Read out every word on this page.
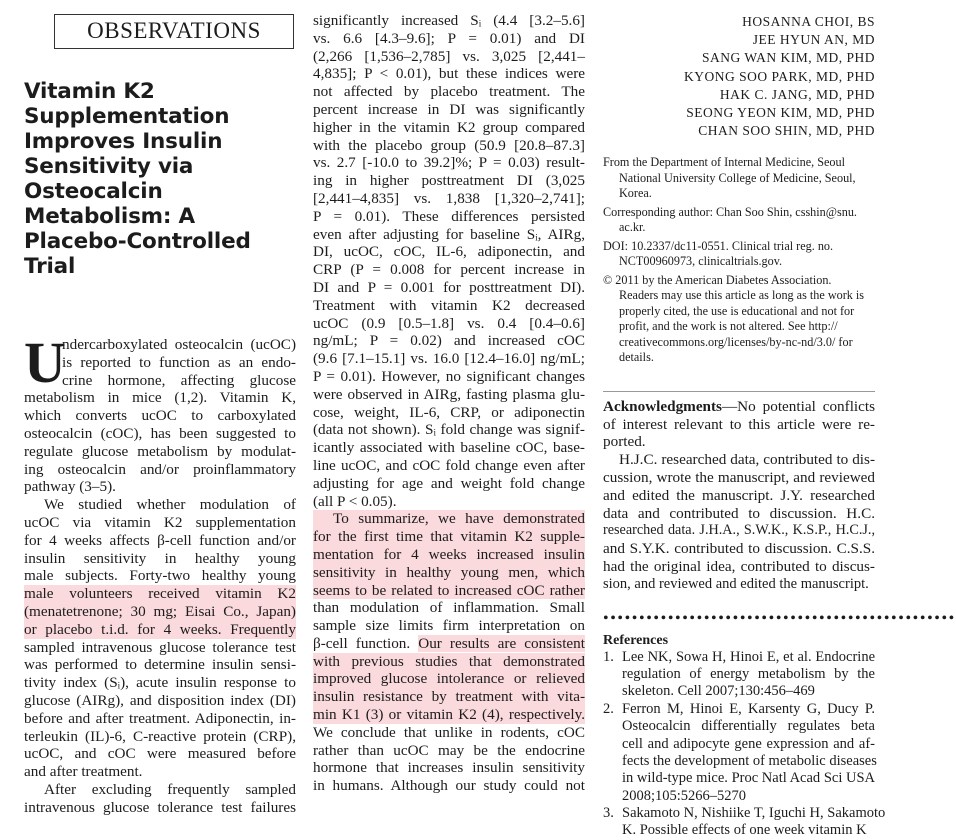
OBSERVATIONS
Vitamin K2
Supplementation
Improves Insulin
Sensitivity via
Osteocalcin
Metabolism: A
Placebo-Controlled
Trial
U
ndercarboxylated osteocalcin (ucOC)
is reported to function as an endo-
crine hormone, affecting glucose
metabolism in mice (1,2). Vitamin K,
which converts ucOC to carboxylated
osteocalcin (cOC), has been suggested to
regulate glucose metabolism by modulat-
ing osteocalcin and/or proinflammatory
pathway (3–5).
We studied whether modulation of
ucOC via vitamin K2 supplementation
for 4 weeks affects β-cell function and/or
insulin sensitivity in healthy young
male subjects. Forty-two healthy young
male volunteers received vitamin K2
(menatetrenone; 30 mg; Eisai Co., Japan)
or placebo t.i.d. for 4 weeks. Frequently
sampled intravenous glucose tolerance test
was performed to determine insulin sensi-
tivity index (Sᵢ), acute insulin response to
glucose (AIRg), and disposition index (DI)
before and after treatment. Adiponectin, in-
terleukin (IL)-6, C-reactive protein (CRP),
ucOC, and cOC were measured before
and after treatment.
After excluding frequently sampled
intravenous glucose tolerance test failures
significantly increased Sᵢ (4.4 [3.2–5.6]
vs. 6.6 [4.3–9.6]; P = 0.01) and DI
(2,266 [1,536–2,785] vs. 3,025 [2,441–
4,835]; P < 0.01), but these indices were
not affected by placebo treatment. The
percent increase in DI was significantly
higher in the vitamin K2 group compared
with the placebo group (50.9 [20.8–87.3]
vs. 2.7 [-10.0 to 39.2]%; P = 0.03) result-
ing in higher posttreatment DI (3,025
[2,441–4,835] vs. 1,838 [1,320–2,741];
P = 0.01). These differences persisted
even after adjusting for baseline Sᵢ, AIRg,
DI, ucOC, cOC, IL-6, adiponectin, and
CRP (P = 0.008 for percent increase in
DI and P = 0.001 for posttreatment DI).
Treatment with vitamin K2 decreased
ucOC (0.9 [0.5–1.8] vs. 0.4 [0.4–0.6]
ng/mL; P = 0.02) and increased cOC
(9.6 [7.1–15.1] vs. 16.0 [12.4–16.0] ng/mL;
P = 0.01). However, no significant changes
were observed in AIRg, fasting plasma glu-
cose, weight, IL-6, CRP, or adiponectin
(data not shown). Sᵢ fold change was signif-
icantly associated with baseline cOC, base-
line ucOC, and cOC fold change even after
adjusting for age and weight fold change
(all P < 0.05).
To summarize, we have demonstrated
for the first time that vitamin K2 supple-
mentation for 4 weeks increased insulin
sensitivity in healthy young men, which
seems to be related to increased cOC rather
than modulation of inflammation. Small
sample size limits firm interpretation on
β-cell function. Our results are consistent
with previous studies that demonstrated
improved glucose intolerance or relieved
insulin resistance by treatment with vita-
min K1 (3) or vitamin K2 (4), respectively.
We conclude that unlike in rodents, cOC
rather than ucOC may be the endocrine
hormone that increases insulin sensitivity
in humans. Although our study could not
HOSANNA CHOI, BS
JEE HYUN AN, MD
SANG WAN KIM, MD, PHD
KYONG SOO PARK, MD, PHD
HAK C. JANG, MD, PHD
SEONG YEON KIM, MD, PHD
CHAN SOO SHIN, MD, PHD
From the Department of Internal Medicine, Seoul
National University College of Medicine, Seoul,
Korea.
Corresponding author: Chan Soo Shin, csshin@snu.
ac.kr.
DOI: 10.2337/dc11-0551. Clinical trial reg. no.
NCT00960973, clinicaltrials.gov.
© 2011 by the American Diabetes Association.
Readers may use this article as long as the work is
properly cited, the use is educational and not for
profit, and the work is not altered. See http://
creativecommons.org/licenses/by-nc-nd/3.0/ for
details.
Acknowledgments—No potential conflicts
of interest relevant to this article were re-
ported.
H.J.C. researched data, contributed to dis-
cussion, wrote the manuscript, and reviewed
and edited the manuscript. J.Y. researched
data and contributed to discussion. H.C.
researched data. J.H.A., S.W.K., K.S.P., H.C.J.,
and S.Y.K. contributed to discussion. C.S.S.
had the original idea, contributed to discus-
sion, and reviewed and edited the manuscript.
•••••••••••••••••••••••••••••••••••••••••••••••••
References
1. Lee NK, Sowa H, Hinoi E, et al. Endocrine
regulation of energy metabolism by the
skeleton. Cell 2007;130:456–469
2. Ferron M, Hinoi E, Karsenty G, Ducy P.
Osteocalcin differentially regulates beta
cell and adipocyte gene expression and af-
fects the development of metabolic diseases
in wild-type mice. Proc Natl Acad Sci USA
2008;105:5266–5270
3. Sakamoto N, Nishiike T, Iguchi H, Sakamoto
K. Possible effects of one week vitamin K
